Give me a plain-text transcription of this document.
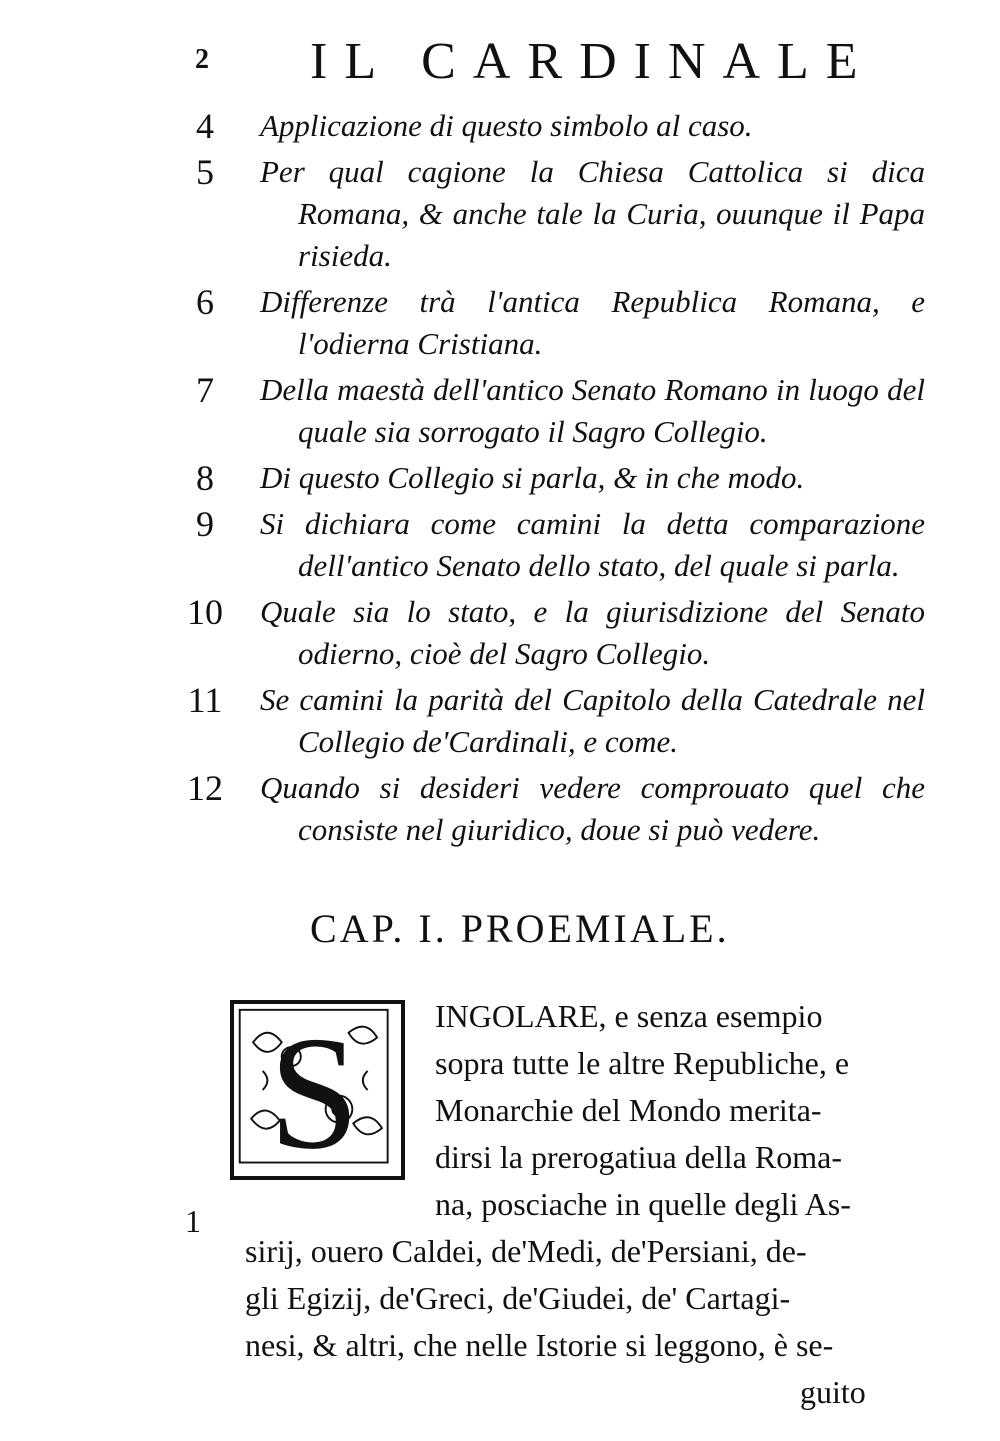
2 IL CARDINALE
4	Applicazione di questo simbolo al caso.
5	Per qual cagione la Chiesa Cattolica si dica Romana, & anche tale la Curia, ouunque il Papa risieda.
6	Differenze trà l'antica Republica Romana, e l'odierna Cristiana.
7	Della maestà dell'antico Senato Romano in luogo del quale sia sorrogato il Sagro Collegio.
8	Di questo Collegio si parla, & in che modo.
9	Si dichiara come camini la detta comparazione dell'antico Senato dello stato, del quale si parla.
10	Quale sia lo stato, e la giurisdizione del Senato odierno, cioè del Sagro Collegio.
11	Se camini la parità del Capitolo della Catedrale nel Collegio de'Cardinali, e come.
12	Quando si desideri vedere comprouato quel che consiste nel giuridico, doue si può vedere.
CAP. I. PROEMIALE.
S
1
INGOLARE, e senza esempio
sopra tutte le altre Republiche, e
Monarchie del Mondo merita-
dirsi la prerogatiua della Roma-
na, posciache in quelle degli As-
sirij, ouero Caldei, de'Medi, de'Persiani, de-
gli Egizij, de'Greci, de'Giudei, de' Cartagi-
nesi, & altri, che nelle Istorie si leggono, è se-
guito
